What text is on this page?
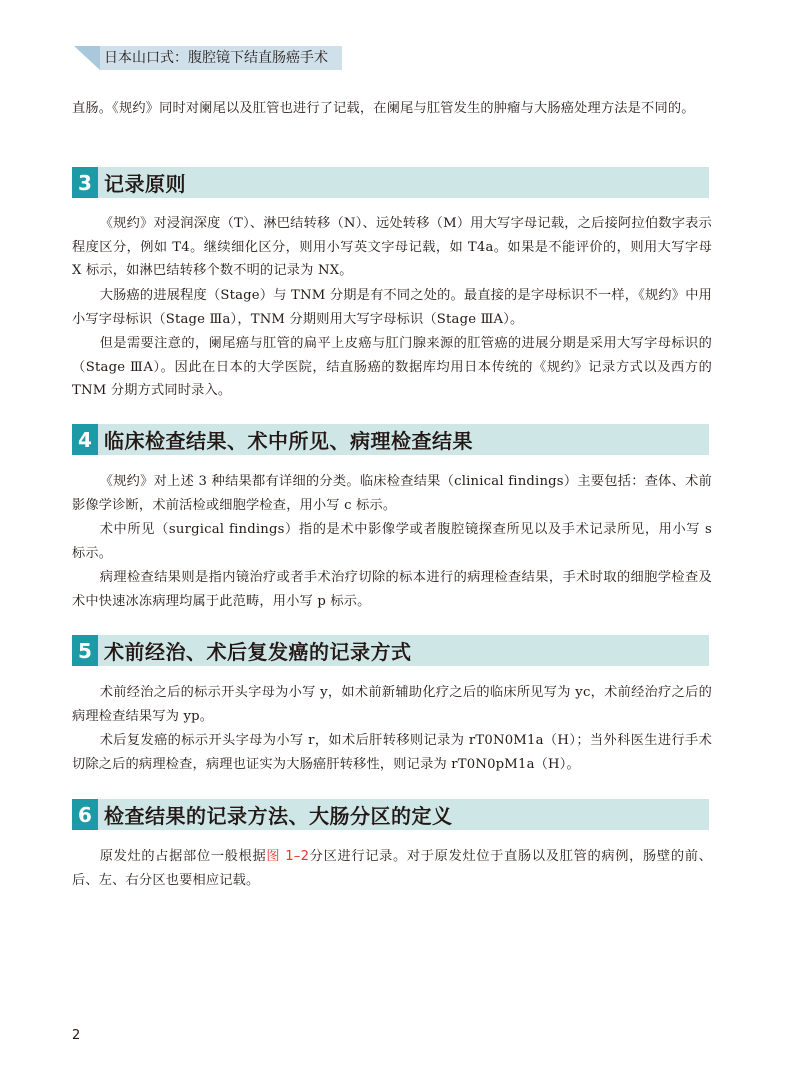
日本山口式：腹腔镜下结直肠癌手术

直肠。《规约》同时对阑尾以及肛管也进行了记载，在阑尾与肛管发生的肿瘤与大肠癌处理方法是不同的。

3 记录原则

《规约》对浸润深度（T）、淋巴结转移（N）、远处转移（M）用大写字母记载，之后接阿拉伯数字表示程度区分，例如 T4。继续细化区分，则用小写英文字母记载，如 T4a。如果是不能评价的，则用大写字母 X 标示，如淋巴结转移个数不明的记录为 NX。

大肠癌的进展程度（Stage）与 TNM 分期是有不同之处的。最直接的是字母标识不一样，《规约》中用小写字母标识（Stage Ⅲa），TNM 分期则用大写字母标识（Stage ⅢA）。

但是需要注意的，阑尾癌与肛管的扁平上皮癌与肛门腺来源的肛管癌的进展分期是采用大写字母标识的（Stage ⅢA）。因此在日本的大学医院，结直肠癌的数据库均用日本传统的《规约》记录方式以及西方的 TNM 分期方式同时录入。

4 临床检查结果、术中所见、病理检查结果

《规约》对上述 3 种结果都有详细的分类。临床检查结果（clinical findings）主要包括：查体、术前影像学诊断，术前活检或细胞学检查，用小写 c 标示。

术中所见（surgical findings）指的是术中影像学或者腹腔镜探查所见以及手术记录所见，用小写 s 标示。

病理检查结果则是指内镜治疗或者手术治疗切除的标本进行的病理检查结果，手术时取的细胞学检查及术中快速冰冻病理均属于此范畴，用小写 p 标示。

5 术前经治、术后复发癌的记录方式

术前经治之后的标示开头字母为小写 y，如术前新辅助化疗之后的临床所见写为 yc，术前经治疗之后的病理检查结果写为 yp。

术后复发癌的标示开头字母为小写 r，如术后肝转移则记录为 rT0N0M1a（H）；当外科医生进行手术切除之后的病理检查，病理也证实为大肠癌肝转移性，则记录为 rT0N0pM1a（H）。

6 检查结果的记录方法、大肠分区的定义

原发灶的占据部位一般根据图 1–2分区进行记录。对于原发灶位于直肠以及肛管的病例，肠壁的前、后、左、右分区也要相应记载。

2
